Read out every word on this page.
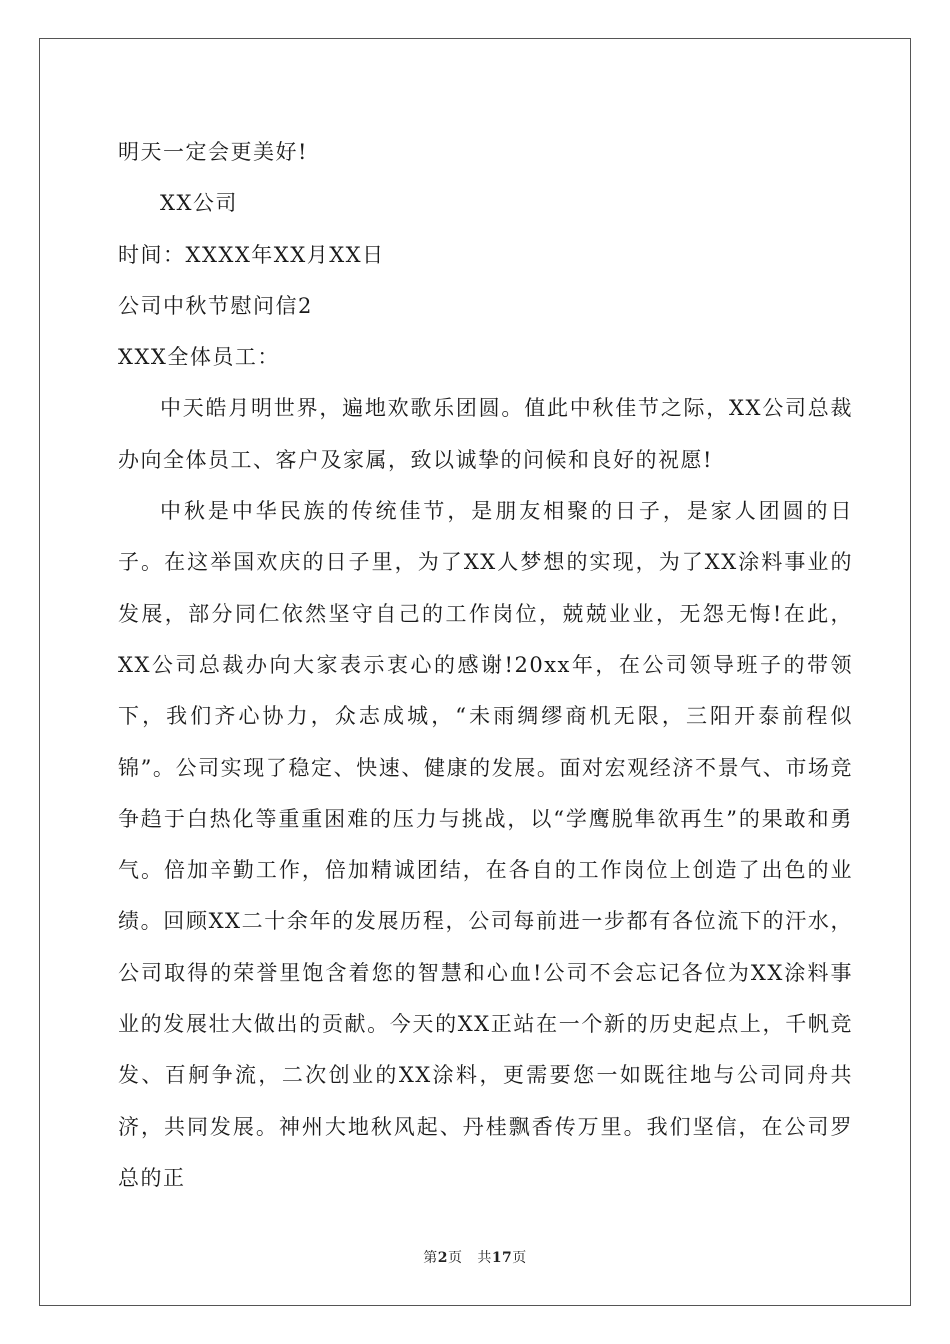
明天一定会更美好!
XX公司
时间：XXXX年XX月XX日
公司中秋节慰问信2
XXX全体员工：

中天皓月明世界，遍地欢歌乐团圆。值此中秋佳节之际，XX公司总裁办向全体员工、客户及家属，致以诚挚的问候和良好的祝愿!

中秋是中华民族的传统佳节，是朋友相聚的日子，是家人团圆的日子。在这举国欢庆的日子里，为了XX人梦想的实现，为了XX涂料事业的发展，部分同仁依然坚守自己的工作岗位，兢兢业业，无怨无悔!在此，XX公司总裁办向大家表示衷心的感谢!20xx年，在公司领导班子的带领下，我们齐心协力，众志成城，“未雨绸缪商机无限，三阳开泰前程似锦”。公司实现了稳定、快速、健康的发展。面对宏观经济不景气、市场竞争趋于白热化等重重困难的压力与挑战，以“学鹰脱隼欲再生”的果敢和勇气。倍加辛勤工作，倍加精诚团结，在各自的工作岗位上创造了出色的业绩。回顾XX二十余年的发展历程，公司每前进一步都有各位流下的汗水，公司取得的荣誉里饱含着您的智慧和心血!公司不会忘记各位为XX涂料事业的发展壮大做出的贡献。今天的XX正站在一个新的历史起点上，千帆竞发、百舸争流，二次创业的XX涂料，更需要您一如既往地与公司同舟共济，共同发展。神州大地秋风起、丹桂飘香传万里。我们坚信，在公司罗总的正

第2页 共17页
